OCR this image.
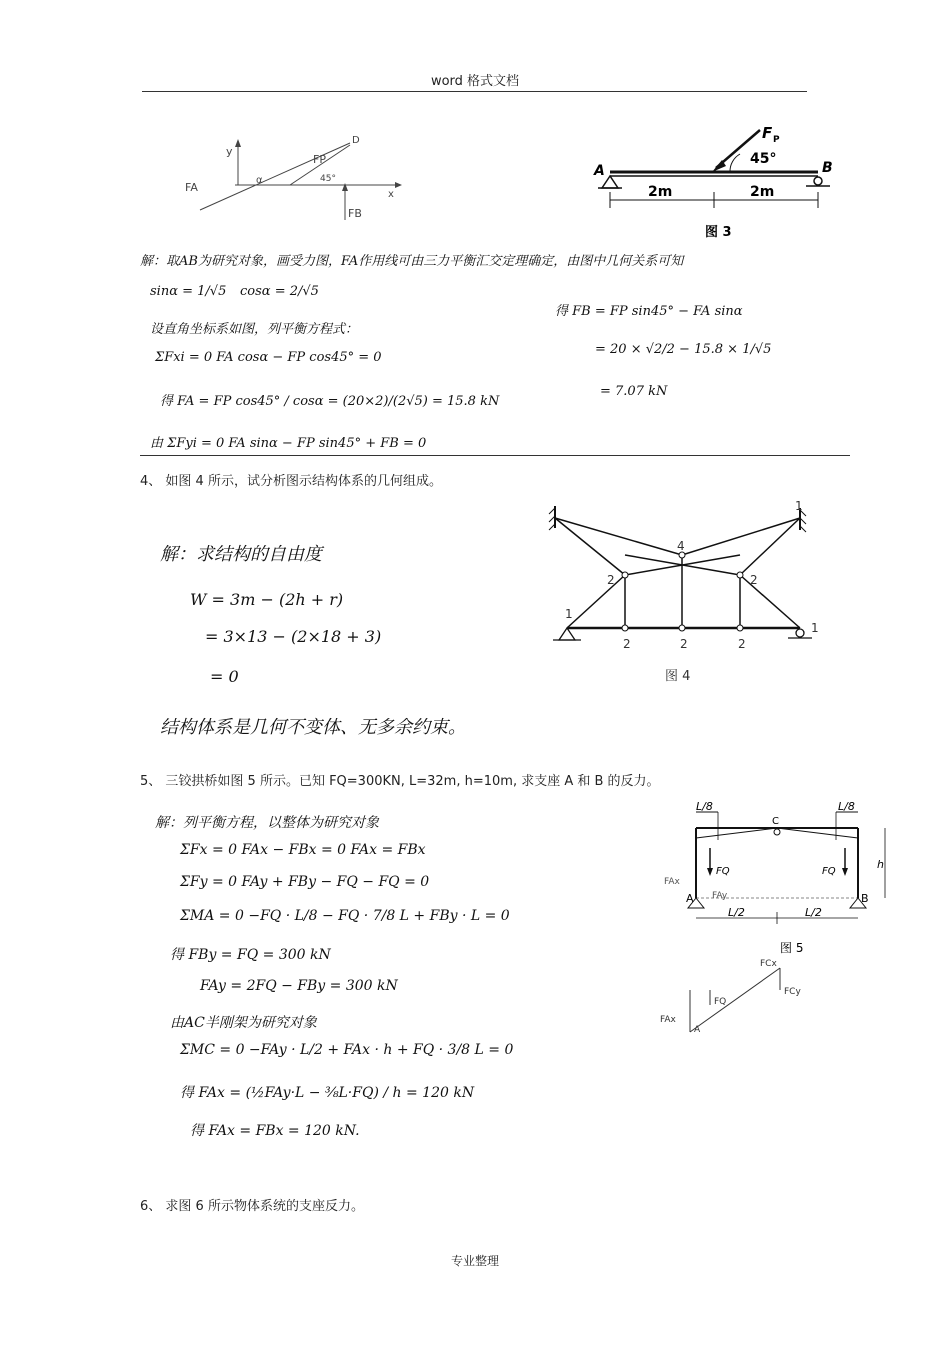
word 格式文档
F P
45°
A	B
2m	2m
图 3
FA
FP
FB
α	45°
D
y
x
解：取AB为研究对象，画受力图，FA作用线可由三力平衡汇交定理确定，由图中几何关系可知
sinα = 1/√5 cosα = 2/√5
设直角坐标系如图，列平衡方程式：
ΣFxi = 0 FA cosα − FP cos45° = 0
得 FA = FP cos45° / cosα = (20×2)/(2√5) = 15.8 kN
由 ΣFyi = 0 FA sinα − FP sin45° + FB = 0
得 FB = FP sin45° − FA sinα
= 20 × √2/2 − 15.8 × 1/√5
= 7.07 kN
4、 如图 4 所示，试分析图示结构体系的几何组成。
1
1
1
4
2	2
2	2	2
图 4
解：求结构的自由度
W = 3m − (2h + r)
= 3×13 − (2×18 + 3)
= 0
结构体系是几何不变体、无多余约束。
5、 三铰拱桥如图 5 所示。已知 FQ=300KN, L=32m, h=10m, 求支座 A 和 B 的反力。
L/8	L/8
FQ	FQ
C
A	B
L/2	L/2
h
FAx
FAy
图 5
FCx
FCy
FQ
FAx
A
解：列平衡方程，以整体为研究对象
ΣFx = 0 FAx − FBx = 0 FAx = FBx
ΣFy = 0 FAy + FBy − FQ − FQ = 0
ΣMA = 0 −FQ · L/8 − FQ · 7/8 L + FBy · L = 0
得 FBy = FQ = 300 kN
FAy = 2FQ − FBy = 300 kN
由AC半刚架为研究对象
ΣMC = 0 −FAy · L/2 + FAx · h + FQ · 3/8 L = 0
得 FAx = (½FAy·L − ⅜L·FQ) / h = 120 kN
得 FAx = FBx = 120 kN.
6、 求图 6 所示物体系统的支座反力。
专业整理
